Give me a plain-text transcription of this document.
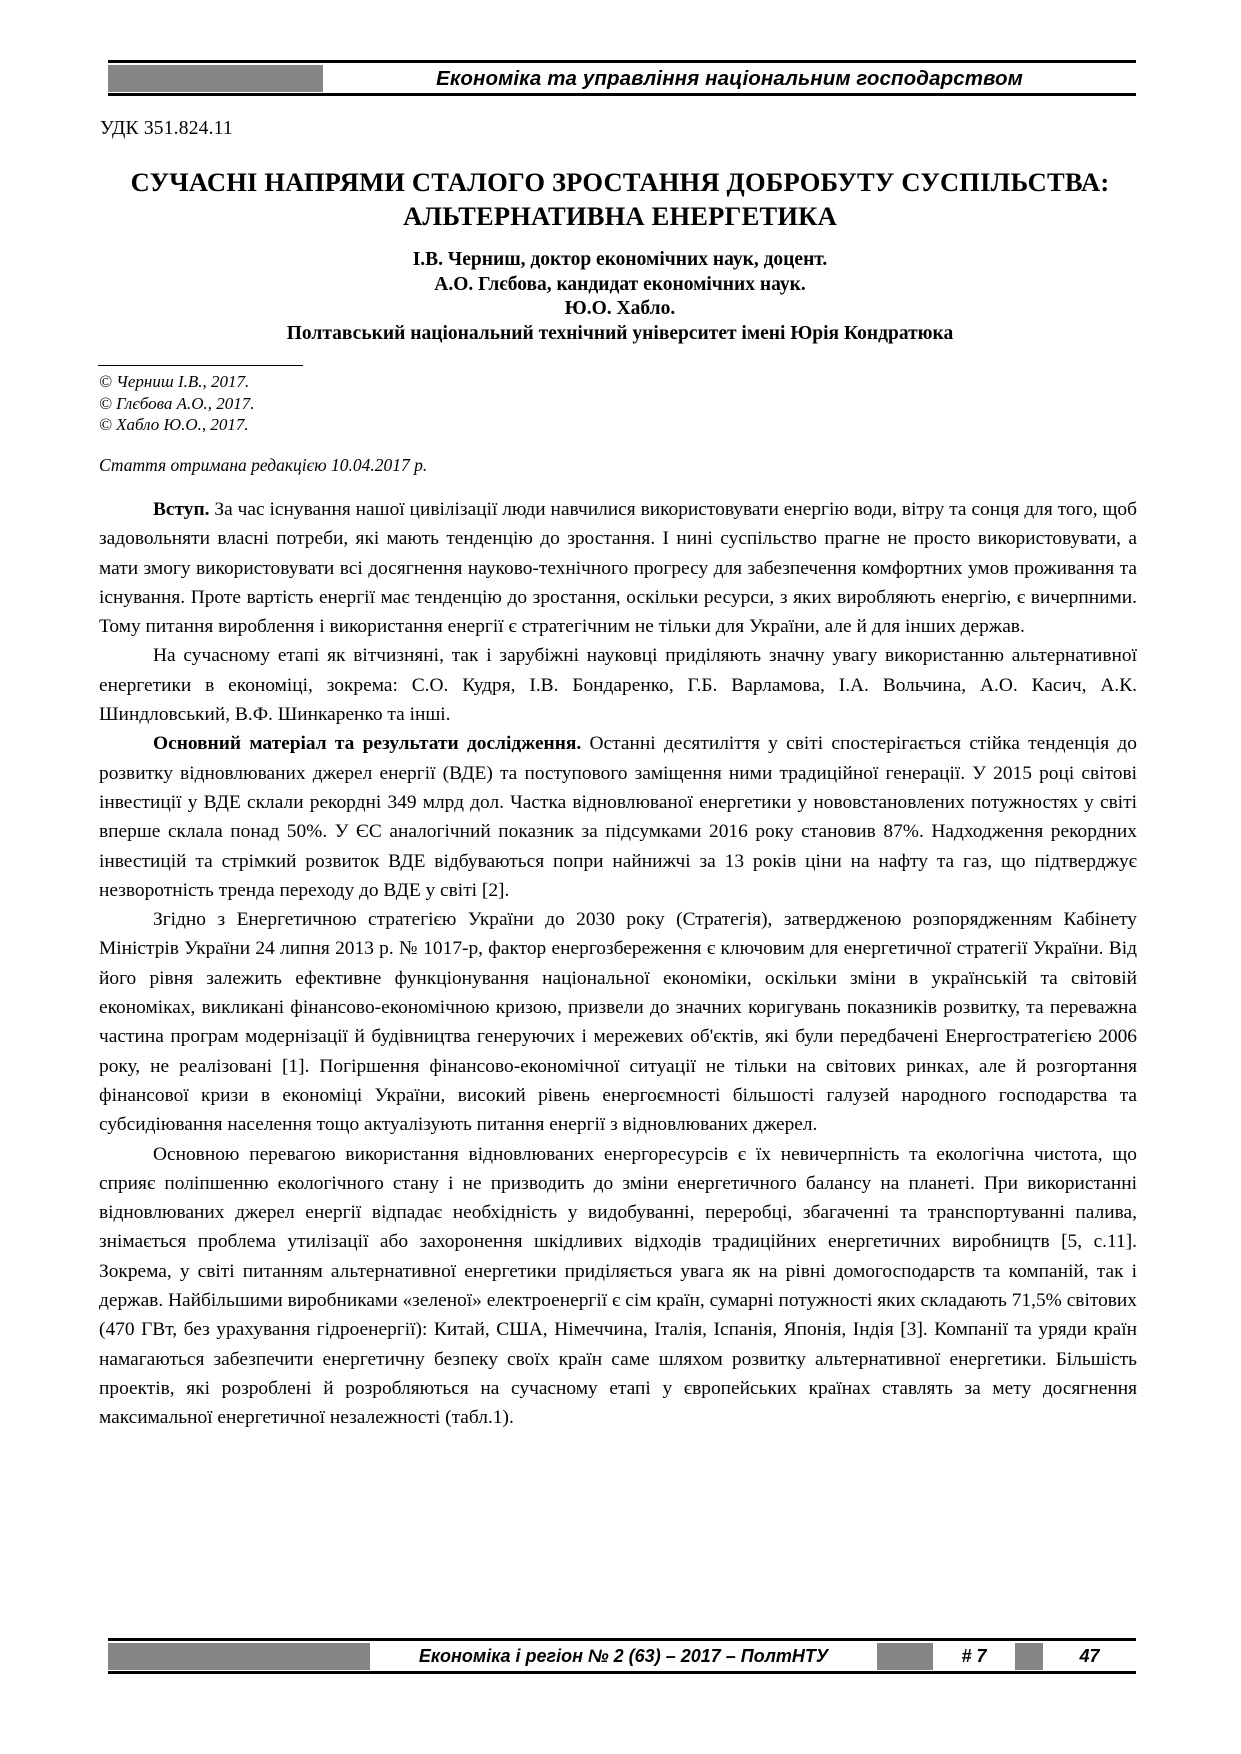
Економіка та управління національним господарством
УДК 351.824.11
СУЧАСНІ НАПРЯМИ СТАЛОГО ЗРОСТАННЯ ДОБРОБУТУ СУСПІЛЬСТВА: АЛЬТЕРНАТИВНА ЕНЕРГЕТИКА
І.В. Черниш, доктор економічних наук, доцент.
А.О. Глєбова, кандидат економічних наук.
Ю.О. Хабло.
Полтавський національний технічний університет імені Юрія Кондратюка
© Черниш І.В., 2017.
© Глєбова А.О., 2017.
© Хабло Ю.О., 2017.
Стаття отримана редакцією 10.04.2017 р.

Вступ. За час існування нашої цивілізації люди навчилися використовувати енергію води, вітру та сонця для того, щоб задовольняти власні потреби, які мають тенденцію до зростання. І нині суспільство прагне не просто використовувати, а мати змогу використовувати всі досягнення науково-технічного прогресу для забезпечення комфортних умов проживання та існування. Проте вартість енергії має тенденцію до зростання, оскільки ресурси, з яких виробляють енергію, є вичерпними. Тому питання вироблення і використання енергії є стратегічним не тільки для України, але й для інших держав.

На сучасному етапі як вітчизняні, так і зарубіжні науковці приділяють значну увагу використанню альтернативної енергетики в економіці, зокрема: С.О. Кудря, І.В. Бондаренко, Г.Б. Варламова, І.А. Вольчина, А.О. Касич, А.К. Шиндловський, В.Ф. Шинкаренко та інші.

Основний матеріал та результати дослідження. Останні десятиліття у світі спостерігається стійка тенденція до розвитку відновлюваних джерел енергії (ВДЕ) та поступового заміщення ними традиційної генерації. У 2015 році світові інвестиції у ВДЕ склали рекордні 349 млрд дол. Частка відновлюваної енергетики у нововстановлених потужностях у світі вперше склала понад 50%. У ЄС аналогічний показник за підсумками 2016 року становив 87%. Надходження рекордних інвестицій та стрімкий розвиток ВДЕ відбуваються попри найнижчі за 13 років ціни на нафту та газ, що підтверджує незворотність тренда переходу до ВДЕ у світі [2].

Згідно з Енергетичною стратегією України до 2030 року (Стратегія), затвердженою розпорядженням Кабінету Міністрів України 24 липня 2013 р. № 1017-р, фактор енергозбереження є ключовим для енергетичної стратегії України. Від його рівня залежить ефективне функціонування національної економіки, оскільки зміни в українській та світовій економіках, викликані фінансово-економічною кризою, призвели до значних коригувань показників розвитку, та переважна частина програм модернізації й будівництва генеруючих і мережевих об'єктів, які були передбачені Енергостратегією 2006 року, не реалізовані [1]. Погіршення фінансово-економічної ситуації не тільки на світових ринках, але й розгортання фінансової кризи в економіці України, високий рівень енергоємності більшості галузей народного господарства та субсидіювання населення тощо актуалізують питання енергії з відновлюваних джерел.

Основною перевагою використання відновлюваних енергоресурсів є їх невичерпність та екологічна чистота, що сприяє поліпшенню екологічного стану і не призводить до зміни енергетичного балансу на планеті. При використанні відновлюваних джерел енергії відпадає необхідність у видобуванні, переробці, збагаченні та транспортуванні палива, знімається проблема утилізації або захоронення шкідливих відходів традиційних енергетичних виробництв [5, с.11]. Зокрема, у світі питанням альтернативної енергетики приділяється увага як на рівні домогосподарств та компаній, так і держав. Найбільшими виробниками «зеленої» електроенергії є сім країн, сумарні потужності яких складають 71,5% світових (470 ГВт, без урахування гідроенергії): Китай, США, Німеччина, Італія, Іспанія, Японія, Індія [3]. Компанії та уряди країн намагаються забезпечити енергетичну безпеку своїх країн саме шляхом розвитку альтернативної енергетики. Більшість проектів, які розроблені й розробляються на сучасному етапі у європейських країнах ставлять за мету досягнення максимальної енергетичної незалежності (табл.1).

Економіка і регіон № 2 (63) – 2017 – ПолтНТУ	# 7	47
